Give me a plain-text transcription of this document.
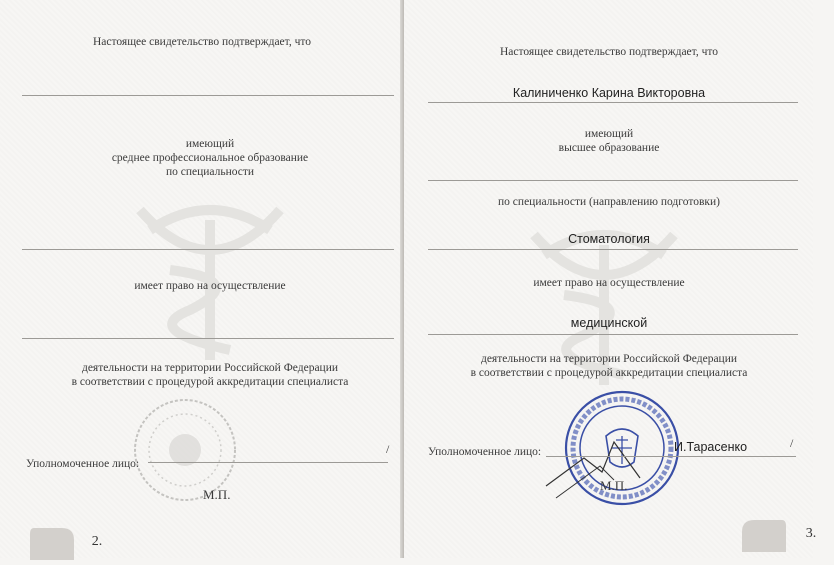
Настоящее свидетельство подтверждает, что
имеющий
среднее профессиональное образование
по специальности
имеет право на осуществление
деятельности на территории Российской Федерации
в соответствии с процедурой аккредитации специалиста
Уполномоченное лицо:
/
М.П.
2.
Настоящее свидетельство подтверждает, что
Калиниченко Карина Викторовна
имеющий
высшее образование
по специальности (направлению подготовки)
Стоматология
имеет право на осуществление
медицинской
деятельности на территории Российской Федерации
в соответствии с процедурой аккредитации специалиста
Уполномоченное лицо:	И.Тарасенко	/
М.П.
3.
